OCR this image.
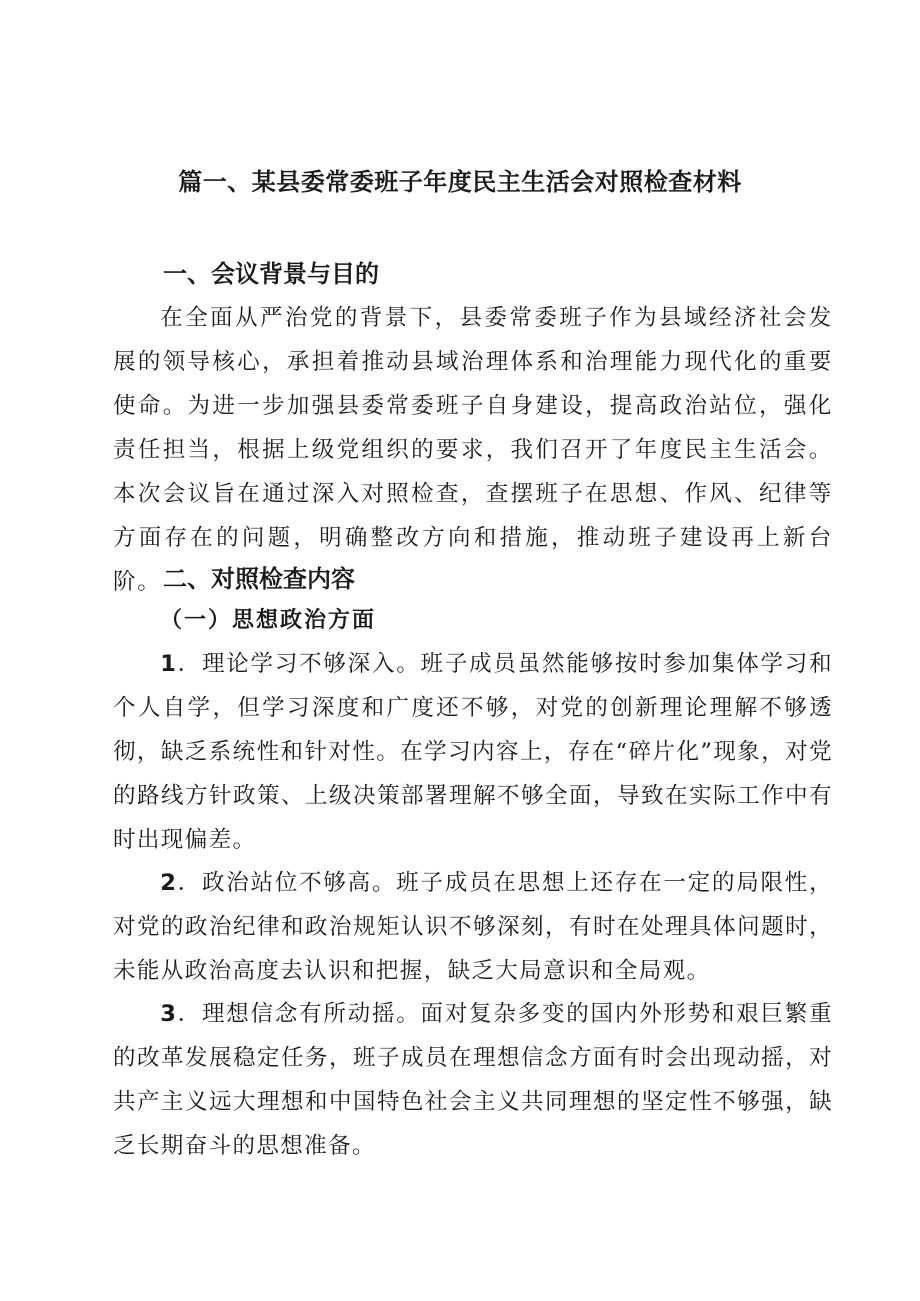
篇一、某县委常委班子年度民主生活会对照检查材料
一、会议背景与目的

在全面从严治党的背景下，县委常委班子作为县域经济社会发展的领导核心，承担着推动县域治理体系和治理能力现代化的重要使命。为进一步加强县委常委班子自身建设，提高政治站位，强化责任担当，根据上级党组织的要求，我们召开了年度民主生活会。本次会议旨在通过深入对照检查，查摆班子在思想、作风、纪律等方面存在的问题，明确整改方向和措施，推动班子建设再上新台阶。 二、对照检查内容
（一）思想政治方面

1．理论学习不够深入。班子成员虽然能够按时参加集体学习和个人自学，但学习深度和广度还不够，对党的创新理论理解不够透彻，缺乏系统性和针对性。在学习内容上，存在“碎片化”现象，对党的路线方针政策、上级决策部署理解不够全面，导致在实际工作中有时出现偏差。

2．政治站位不够高。班子成员在思想上还存在一定的局限性，对党的政治纪律和政治规矩认识不够深刻，有时在处理具体问题时，未能从政治高度去认识和把握，缺乏大局意识和全局观。

3．理想信念有所动摇。面对复杂多变的国内外形势和艰巨繁重的改革发展稳定任务，班子成员在理想信念方面有时会出现动摇，对共产主义远大理想和中国特色社会主义共同理想的坚定性不够强，缺乏长期奋斗的思想准备。
